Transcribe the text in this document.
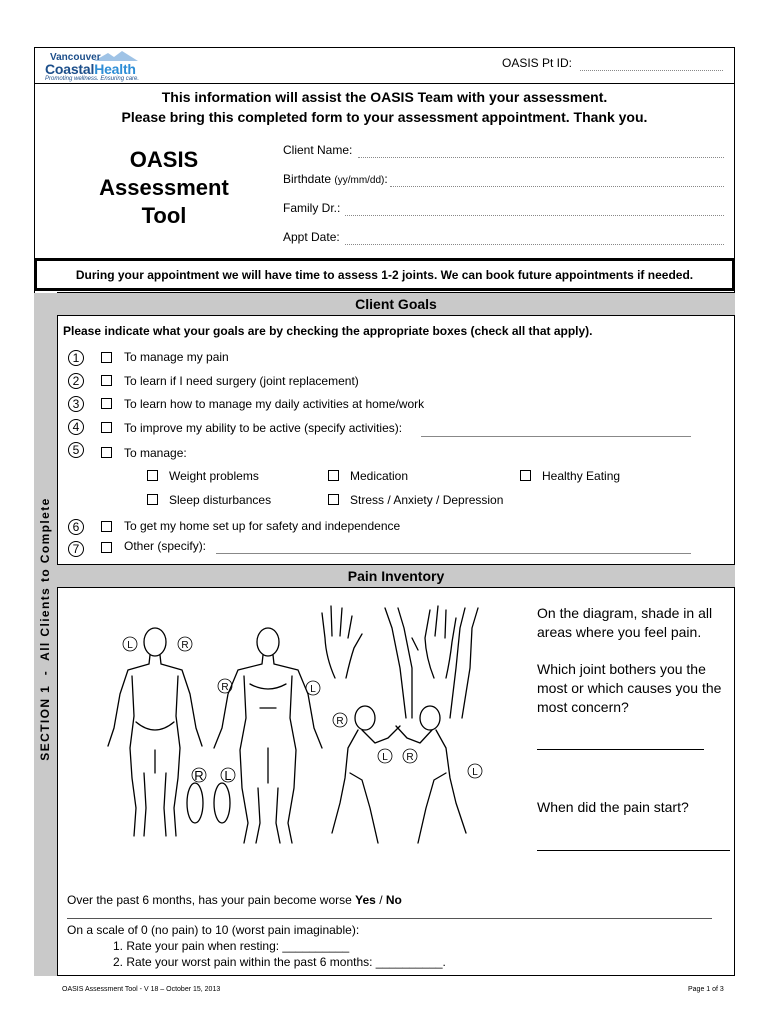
Vancouver
CoastalHealth
Promoting wellness. Ensuring care.
OASIS Pt ID:
This information will assist the OASIS Team with your assessment.
Please bring this completed form to your assessment appointment. Thank you.
OASIS
Assessment
Tool
Client Name:
Birthdate (yy/mm/dd):
Family Dr.:
Appt Date:
During your appointment we will have time to assess 1-2 joints. We can book future appointments if needed.
SECTION 1  -  All Clients to Complete
Client Goals
Please indicate what your goals are by checking the appropriate boxes (check all that apply).
1	To manage my pain
2	To learn if I need surgery (joint replacement)
3	To learn how to manage my daily activities at home/work
4	To improve my ability to be active (specify activities):
5	To manage:
Weight problems	Medication	Healthy Eating
Sleep disturbances	Stress / Anxiety / Depression
6	To get my home set up for safety and independence
7	Other (specify):
Pain Inventory
L	R
R	L
R
L R
L
R L
On the diagram, shade in all areas where you feel pain.
Which joint bothers you the most or which causes you the most concern?
When did the pain start?
Over the past 6 months, has your pain become worse Yes / No
On a scale of 0 (no pain) to 10 (worst pain imaginable):
1. Rate your pain when resting: __________
2. Rate your worst pain within the past 6 months: __________.
OASIS Assessment Tool - V 18 – October 15, 2013	Page 1 of 3
